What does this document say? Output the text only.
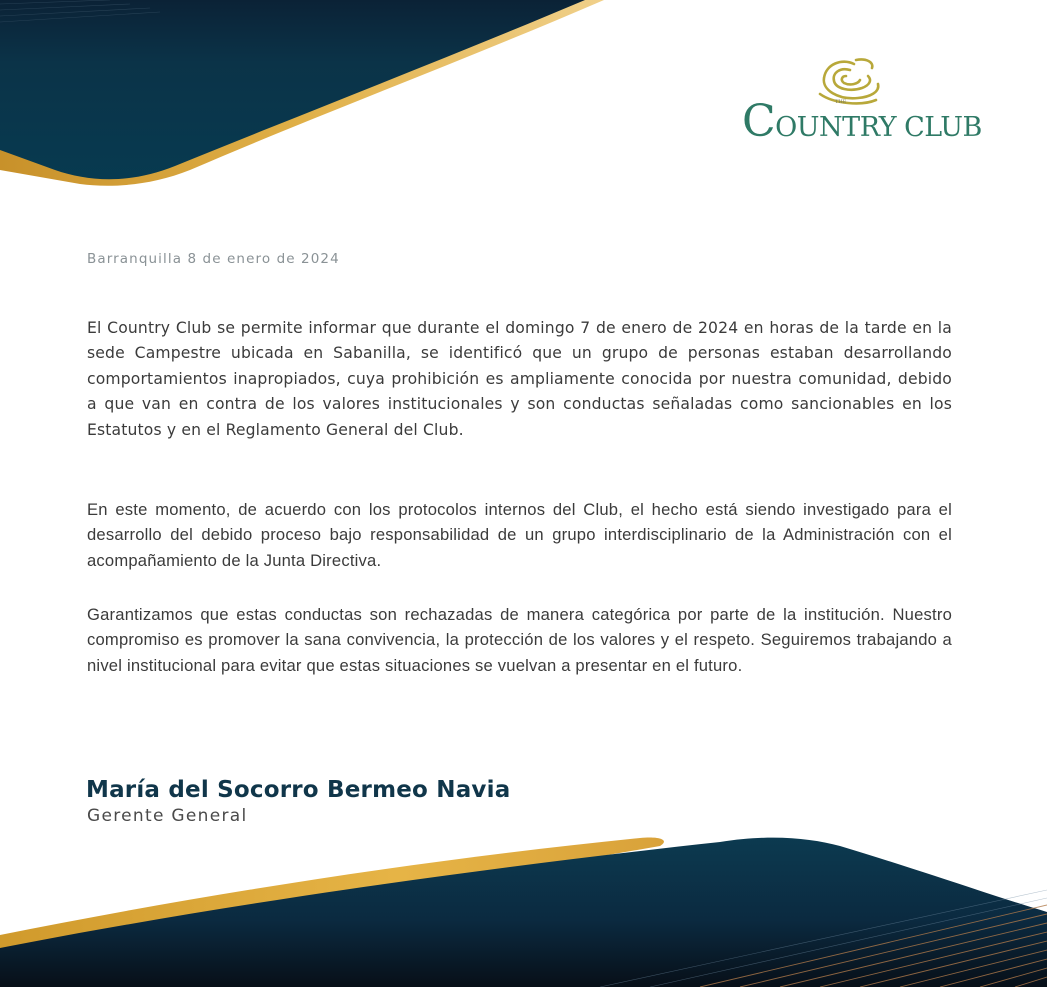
THE
COUNTRY CLUB
Barranquilla 8 de enero de 2024

El Country Club se permite informar que durante el domingo 7 de enero de 2024 en horas de la tarde en la sede Campestre ubicada en Sabanilla, se identificó que un grupo de personas estaban desarrollando comportamientos inapropiados, cuya prohibición es ampliamente conocida por nuestra comunidad, debido a que van en contra de los valores institucionales y son conductas señaladas como sancionables en los Estatutos y en el Reglamento General del Club.

En este momento, de acuerdo con los protocolos internos del Club, el hecho está siendo investigado para el desarrollo del debido proceso bajo responsabilidad de un grupo interdisciplinario de la Administración con el acompañamiento de la Junta Directiva.

Garantizamos que estas conductas son rechazadas de manera categórica por parte de la institución. Nuestro compromiso es promover la sana convivencia, la protección de los valores y el respeto. Seguiremos trabajando a nivel institucional para evitar que estas situaciones se vuelvan a presentar en el futuro.

María del Socorro Bermeo Navia
Gerente General
